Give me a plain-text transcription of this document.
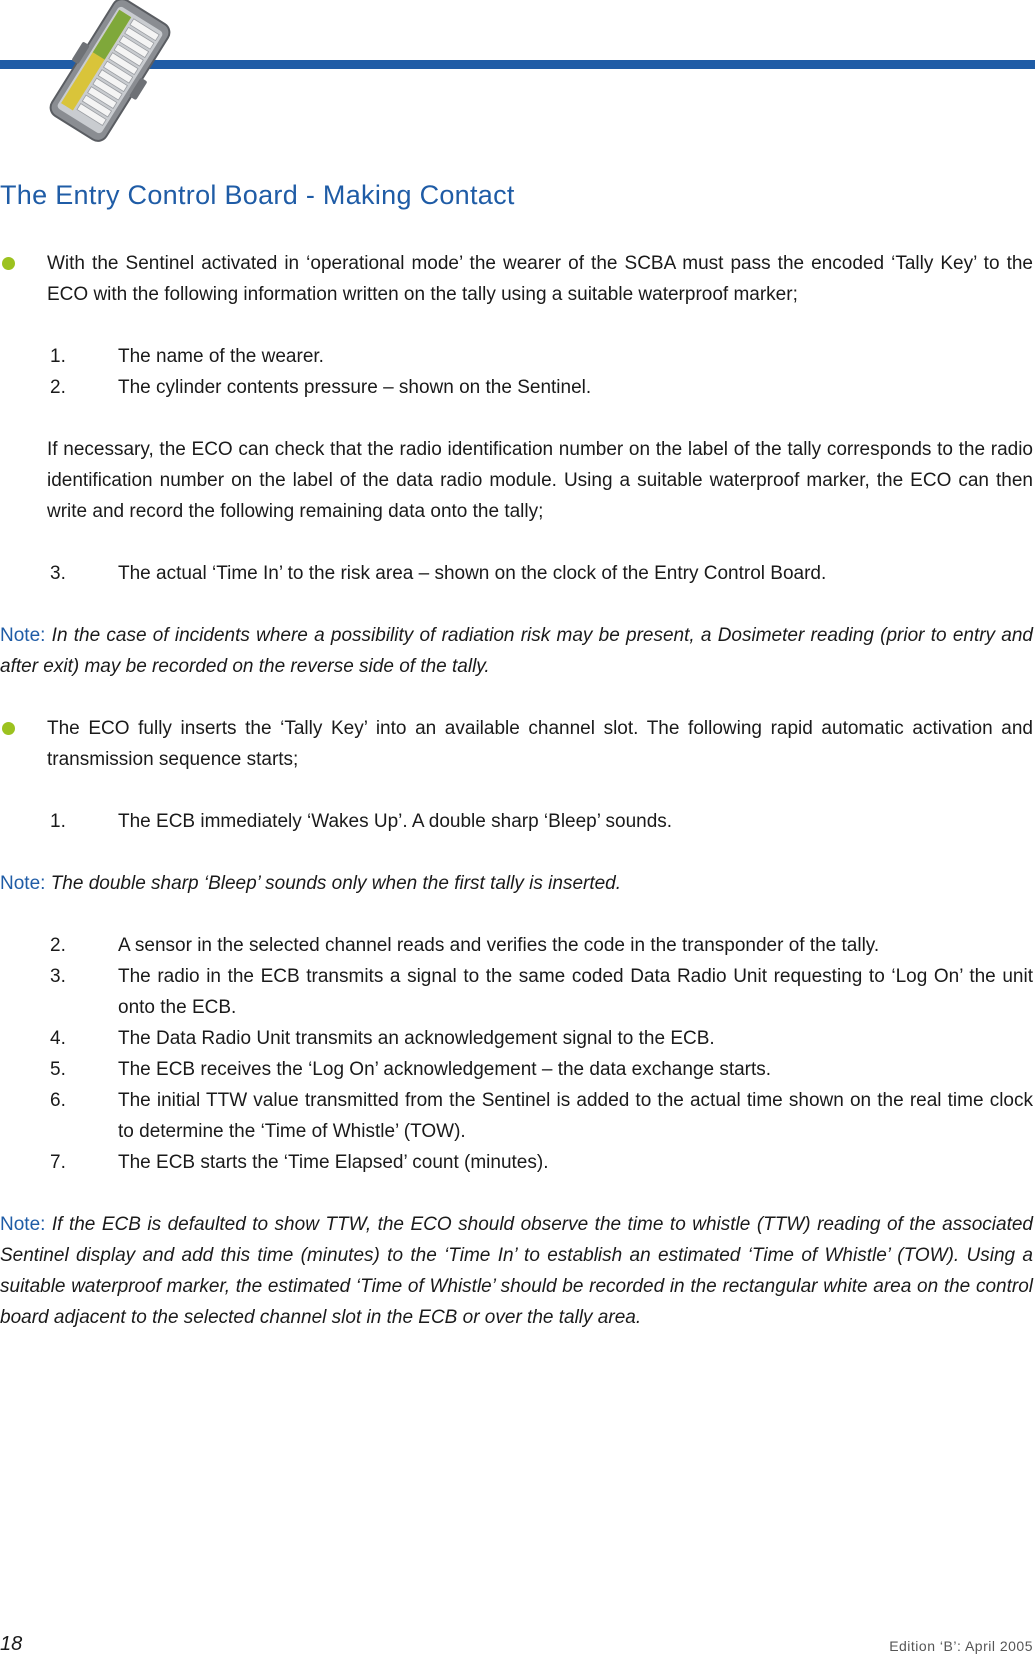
The Entry Control Board - Making Contact

With the Sentinel activated in ‘operational mode’ the wearer of the SCBA must pass the encoded ‘Tally Key’ to the ECO with the following information written on the tally using a suitable waterproof marker;

1.	The name of the wearer.
2.	The cylinder contents pressure – shown on the Sentinel.

If necessary, the ECO can check that the radio identification number on the label of the tally corresponds to the radio identification number on the label of the data radio module. Using a suitable waterproof marker, the ECO can then write and record the following remaining data onto the tally;

3.	The actual ‘Time In’ to the risk area – shown on the clock of the Entry Control Board.

Note: In the case of incidents where a possibility of radiation risk may be present, a Dosimeter reading (prior to entry and after exit) may be recorded on the reverse side of the tally.

The ECO fully inserts the ‘Tally Key’ into an available channel slot. The following rapid automatic activation and transmission sequence starts;

1.	The ECB immediately ‘Wakes Up’. A double sharp ‘Bleep’ sounds.

Note: The double sharp ‘Bleep’ sounds only when the first tally is inserted.

2.	A sensor in the selected channel reads and verifies the code in the transponder of the tally.
3.	The radio in the ECB transmits a signal to the same coded Data Radio Unit requesting to ‘Log On’ the unit onto the ECB.
4.	The Data Radio Unit transmits an acknowledgement signal to the ECB.
5.	The ECB receives the ‘Log On’ acknowledgement – the data exchange starts.
6.	The initial TTW value transmitted from the Sentinel is added to the actual time shown on the real time clock to determine the ‘Time of Whistle’ (TOW).
7.	The ECB starts the ‘Time Elapsed’ count (minutes).

Note: If the ECB is defaulted to show TTW, the ECO should observe the time to whistle (TTW) reading of the associated Sentinel display and add this time (minutes) to the ‘Time In’ to establish an estimated ‘Time of Whistle’ (TOW). Using a suitable waterproof marker, the estimated ‘Time of Whistle’ should be recorded in the rectangular white area on the control board adjacent to the selected channel slot in the ECB or over the tally area.

18	Edition ‘B’: April 2005
